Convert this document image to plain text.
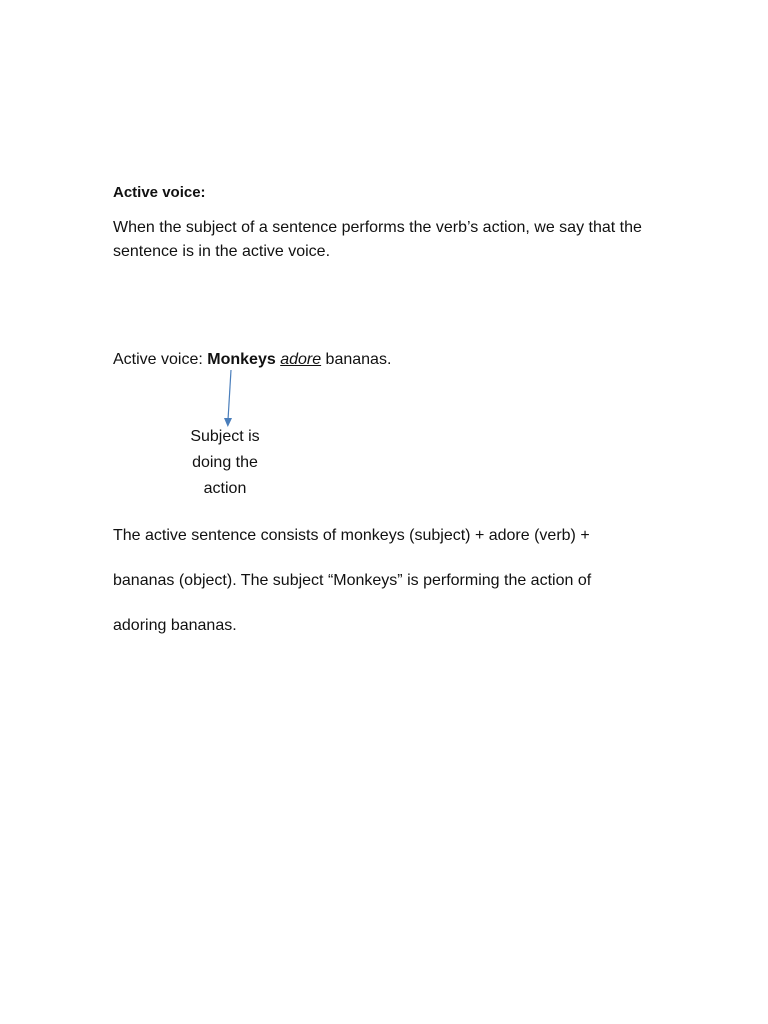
Active voice:
When the subject of a sentence performs the verb’s action, we say that the sentence is in the active voice.
Active voice: Monkeys adore bananas.
Subject is
doing the
action
The active sentence consists of monkeys (subject) + adore (verb) +
bananas (object). The subject “Monkeys” is performing the action of
adoring bananas.
